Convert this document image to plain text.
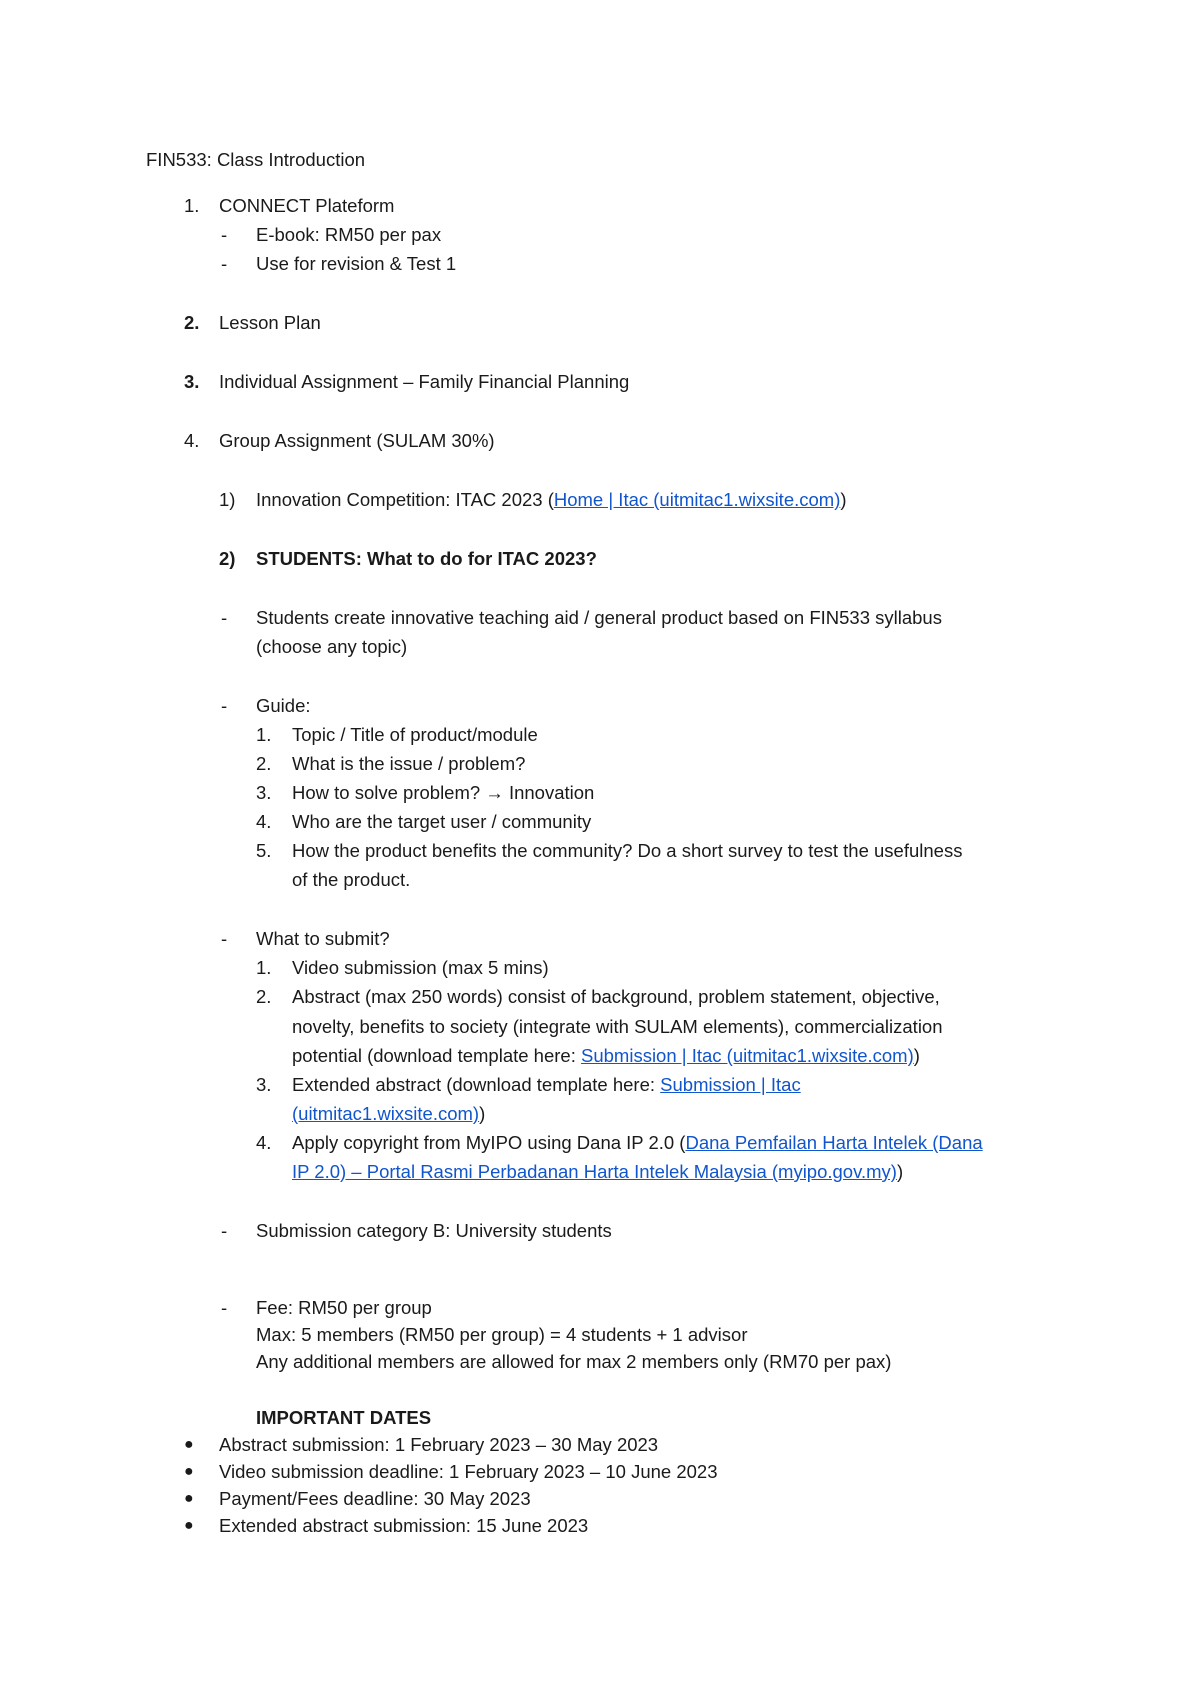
FIN533: Class Introduction
1. CONNECT Plateform
- E-book: RM50 per pax
- Use for revision & Test 1
2. Lesson Plan
3. Individual Assignment – Family Financial Planning
4. Group Assignment (SULAM 30%)
1) Innovation Competition: ITAC 2023 (Home | Itac (uitmitac1.wixsite.com))
2) STUDENTS: What to do for ITAC 2023?
- Students create innovative teaching aid / general product based on FIN533 syllabus
(choose any topic)
- Guide:
1. Topic / Title of product/module
2. What is the issue / problem?
3. How to solve problem? → Innovation
4. Who are the target user / community
5. How the product benefits the community? Do a short survey to test the usefulness
of the product.
- What to submit?
1. Video submission (max 5 mins)
2. Abstract (max 250 words) consist of background, problem statement, objective,
novelty, benefits to society (integrate with SULAM elements), commercialization
potential (download template here: Submission | Itac (uitmitac1.wixsite.com))
3. Extended abstract (download template here: Submission | Itac
(uitmitac1.wixsite.com))
4. Apply copyright from MyIPO using Dana IP 2.0 (Dana Pemfailan Harta Intelek (Dana
IP 2.0) – Portal Rasmi Perbadanan Harta Intelek Malaysia (myipo.gov.my))
- Submission category B: University students
- Fee: RM50 per group
Max: 5 members (RM50 per group) = 4 students + 1 advisor
Any additional members are allowed for max 2 members only (RM70 per pax)
IMPORTANT DATES
● Abstract submission: 1 February 2023 – 30 May 2023
● Video submission deadline: 1 February 2023 – 10 June 2023
● Payment/Fees deadline: 30 May 2023
● Extended abstract submission: 15 June 2023
